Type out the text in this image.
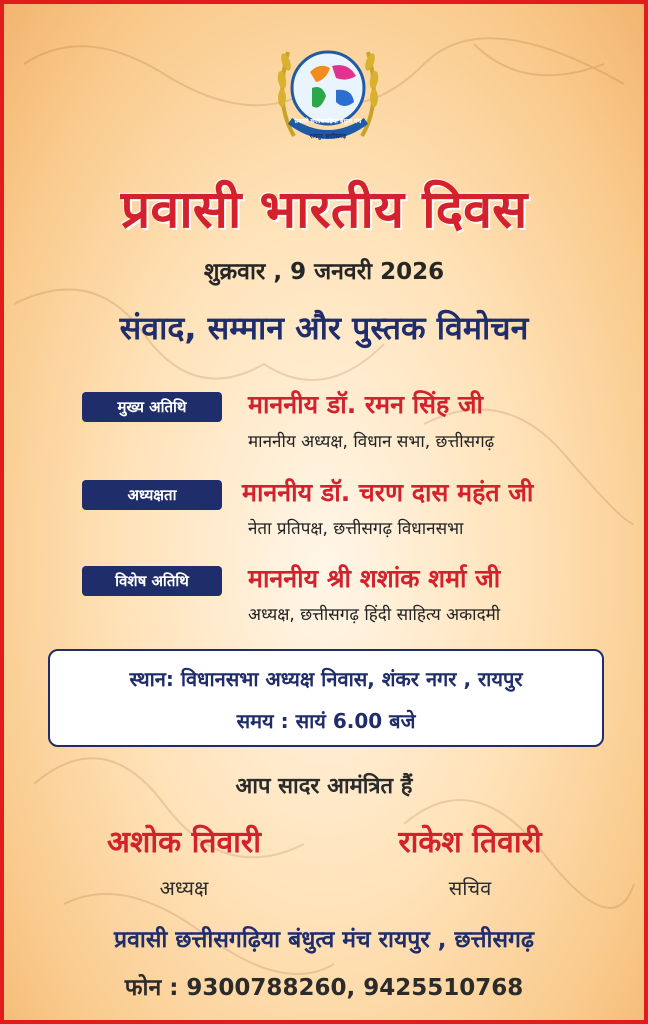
प्रवासी छत्तीसगढ़िया बंधुत्व मंच
रायपुर छत्तीसगढ़
प्रवासी भारतीय दिवस
शुक्रवार , 9 जनवरी 2026
संवाद, सम्मान और पुस्तक विमोचन
मुख्य अतिथि	माननीय डॉ. रमन सिंह जी
माननीय अध्यक्ष, विधान सभा, छत्तीसगढ़
अध्यक्षता	माननीय डॉ. चरण दास महंत जी
नेता प्रतिपक्ष, छत्तीसगढ़ विधानसभा
विशेष अतिथि	माननीय श्री शशांक शर्मा जी
अध्यक्ष, छत्तीसगढ़ हिंदी साहित्य अकादमी
स्थान: विधानसभा अध्यक्ष निवास, शंकर नगर , रायपुर
समय : सायं 6.00 बजे
आप सादर आमंत्रित हैं
अशोक तिवारी
अध्यक्ष
राकेश तिवारी
सचिव
प्रवासी छत्तीसगढ़िया बंधुत्व मंच रायपुर , छत्तीसगढ़
फोन : 9300788260, 9425510768
